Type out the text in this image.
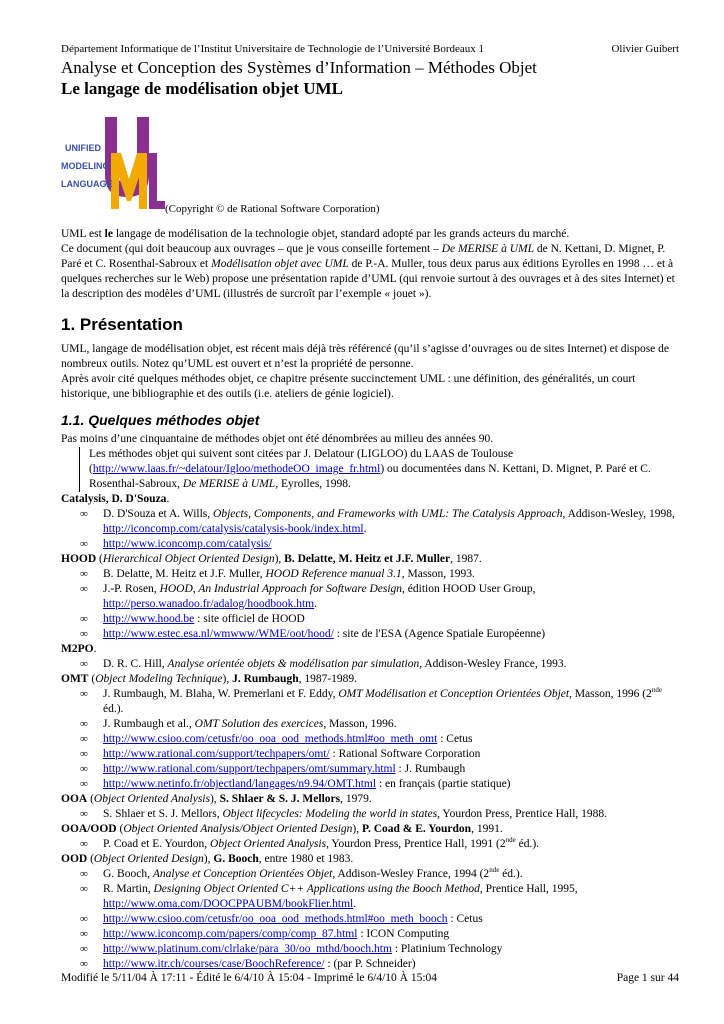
Département Informatique de l’Institut Universitaire de Technologie de l’Université Bordeaux 1	Olivier Guibert
Analyse et Conception des Systèmes d’Information – Méthodes Objet
Le langage de modélisation objet UML
UNIFIED
MODELING
LANGUAGE
(Copyright © de Rational Software Corporation)

UML est le langage de modélisation de la technologie objet, standard adopté par les grands acteurs du marché.

Ce document (qui doit beaucoup aux ouvrages – que je vous conseille fortement – De MERISE à UML de N. Kettani, D. Mignet, P. Paré et C. Rosenthal-Sabroux et Modélisation objet avec UML de P.-A. Muller, tous deux parus aux éditions Eyrolles en 1998 … et à quelques recherches sur le Web) propose une présentation rapide d’UML (qui renvoie surtout à des ouvrages et à des sites Internet) et la description des modèles d’UML (illustrés de surcroît par l’exemple « jouet »).

1. Présentation

UML, langage de modélisation objet, est récent mais déjà très référencé (qu’il s’agisse d’ouvrages ou de sites Internet) et dispose de nombreux outils. Notez qu’UML est ouvert et n’est la propriété de personne.

Après avoir cité quelques méthodes objet, ce chapitre présente succinctement UML : une définition, des généralités, un court historique, une bibliographie et des outils (i.e. ateliers de génie logiciel).

1.1. Quelques méthodes objet

Pas moins d’une cinquantaine de méthodes objet ont été dénombrées au milieu des années 90.

Les méthodes objet qui suivent sont citées par J. Delatour (LIGLOO) du LAAS de Toulouse (http://www.laas.fr/~delatour/Igloo/methodeOO_image_fr.html) ou documentées dans N. Kettani, D. Mignet, P. Paré et C. Rosenthal-Sabroux, De MERISE à UML, Eyrolles, 1998.
Catalysis, D. D'Souza.
∞ D. D'Souza et A. Wills, Objects, Components, and Frameworks with UML: The Catalysis Approach, Addison-Wesley, 1998, http://iconcomp.com/catalysis/catalysis-book/index.html.
∞ http://www.iconcomp.com/catalysis/
HOOD (Hierarchical Object Oriented Design), B. Delatte, M. Heitz et J.F. Muller, 1987.
∞ B. Delatte, M. Heitz et J.F. Muller, HOOD Reference manual 3.1, Masson, 1993.
∞ J.-P. Rosen, HOOD, An Industrial Approach for Software Design, édition HOOD User Group, http://perso.wanadoo.fr/adalog/hoodbook.htm.
∞ http://www.hood.be : site officiel de HOOD
∞ http://www.estec.esa.nl/wmwww/WME/oot/hood/ : site de l'ESA (Agence Spatiale Européenne)
M2PO.
∞ D. R. C. Hill, Analyse orientée objets & modélisation par simulation, Addison-Wesley France, 1993.
OMT (Object Modeling Technique), J. Rumbaugh, 1987-1989.
∞ J. Rumbaugh, M. Blaha, W. Premerlani et F. Eddy, OMT Modélisation et Conception Orientées Objet, Masson, 1996 (2nde éd.).
∞ J. Rumbaugh et al., OMT Solution des exercices, Masson, 1996.
∞ http://www.csioo.com/cetusfr/oo_ooa_ood_methods.html#oo_meth_omt : Cetus
∞ http://www.rational.com/support/techpapers/omt/ : Rational Software Corporation
∞ http://www.rational.com/support/techpapers/omt/summary.html : J. Rumbaugh
∞ http://www.netinfo.fr/objectland/langages/n9.94/OMT.html : en français (partie statique)
OOA (Object Oriented Analysis), S. Shlaer & S. J. Mellors, 1979.
∞ S. Shlaer et S. J. Mellors, Object lifecycles: Modeling the world in states, Yourdon Press, Prentice Hall, 1988.
OOA/OOD (Object Oriented Analysis/Object Oriented Design), P. Coad & E. Yourdon, 1991.
∞ P. Coad et E. Yourdon, Object Oriented Analysis, Yourdon Press, Prentice Hall, 1991 (2nde éd.).
OOD (Object Oriented Design), G. Booch, entre 1980 et 1983.
∞ G. Booch, Analyse et Conception Orientées Objet, Addison-Wesley France, 1994 (2nde éd.).
∞ R. Martin, Designing Object Oriented C++ Applications using the Booch Method, Prentice Hall, 1995, http://www.oma.com/DOOCPPAUBM/bookFlier.html.
∞ http://www.csioo.com/cetusfr/oo_ooa_ood_methods.html#oo_meth_booch : Cetus
∞ http://www.iconcomp.com/papers/comp/comp_87.html : ICON Computing
∞ http://www.platinum.com/clrlake/para_30/oo_mthd/booch.htm : Platinium Technology
∞ http://www.itr.ch/courses/case/BoochReference/ : (par P. Schneider)
Modifié le 5/11/04 À 17:11 - Édité le 6/4/10 À 15:04 - Imprimé le 6/4/10 À 15:04	Page 1 sur 44
